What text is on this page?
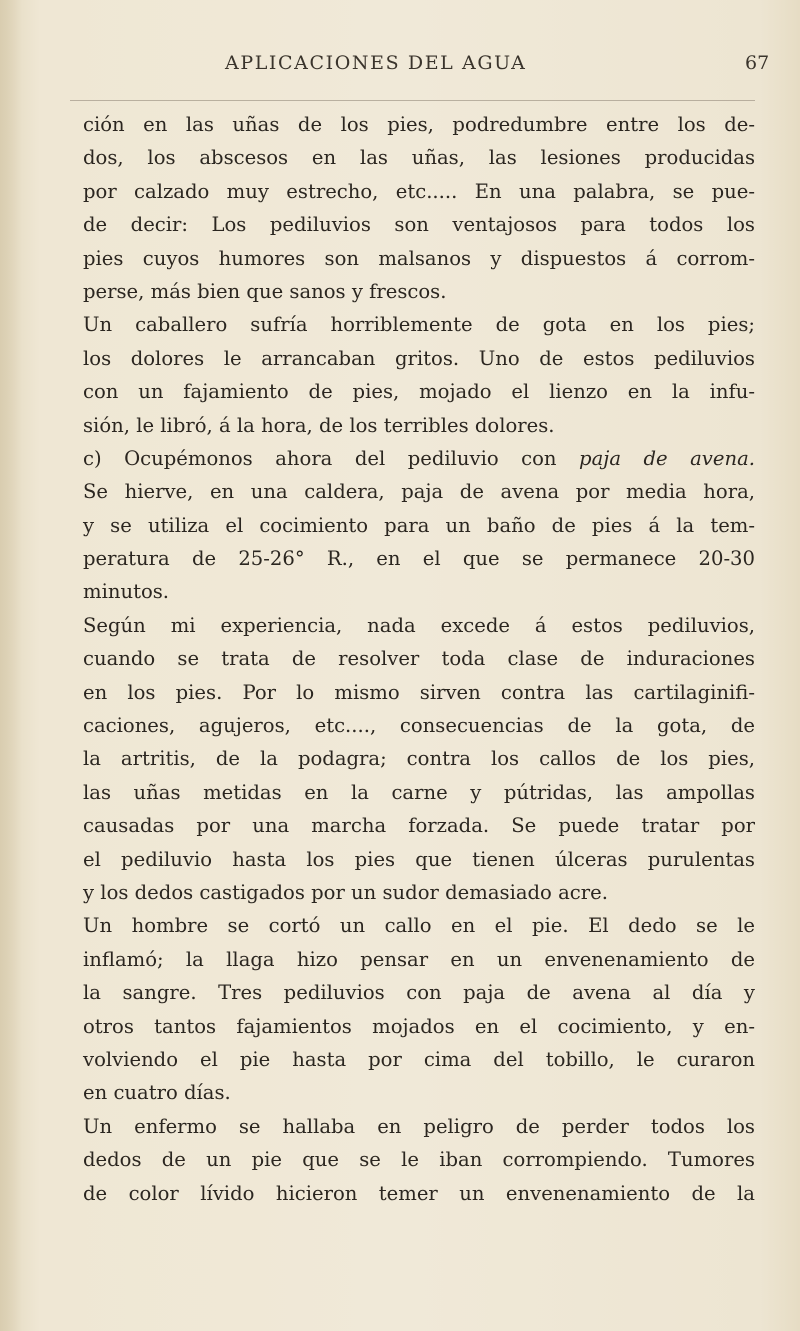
APLICACIONES DEL AGUA	67
ción en las uñas de los pies, podredumbre entre los de-
dos, los abscesos en las uñas, las lesiones producidas
por calzado muy estrecho, etc..... En una palabra, se pue-
de decir: Los pediluvios son ventajosos para todos los
pies cuyos humores son malsanos y dispuestos á corrom-
perse, más bien que sanos y frescos.
Un caballero sufría horriblemente de gota en los pies;
los dolores le arrancaban gritos. Uno de estos pediluvios
con un fajamiento de pies, mojado el lienzo en la infu-
sión, le libró, á la hora, de los terribles dolores.
c) Ocupémonos ahora del pediluvio con paja de avena.
Se hierve, en una caldera, paja de avena por media hora,
y se utiliza el cocimiento para un baño de pies á la tem-
peratura de 25-26° R., en el que se permanece 20-30
minutos.
Según mi experiencia, nada excede á estos pediluvios,
cuando se trata de resolver toda clase de induraciones
en los pies. Por lo mismo sirven contra las cartilaginifi-
caciones, agujeros, etc...., consecuencias de la gota, de
la artritis, de la podagra; contra los callos de los pies,
las uñas metidas en la carne y pútridas, las ampollas
causadas por una marcha forzada. Se puede tratar por
el pediluvio hasta los pies que tienen úlceras purulentas
y los dedos castigados por un sudor demasiado acre.
Un hombre se cortó un callo en el pie. El dedo se le
inflamó; la llaga hizo pensar en un envenenamiento de
la sangre. Tres pediluvios con paja de avena al día y
otros tantos fajamientos mojados en el cocimiento, y en-
volviendo el pie hasta por cima del tobillo, le curaron
en cuatro días.
Un enfermo se hallaba en peligro de perder todos los
dedos de un pie que se le iban corrompiendo. Tumores
de color lívido hicieron temer un envenenamiento de la
